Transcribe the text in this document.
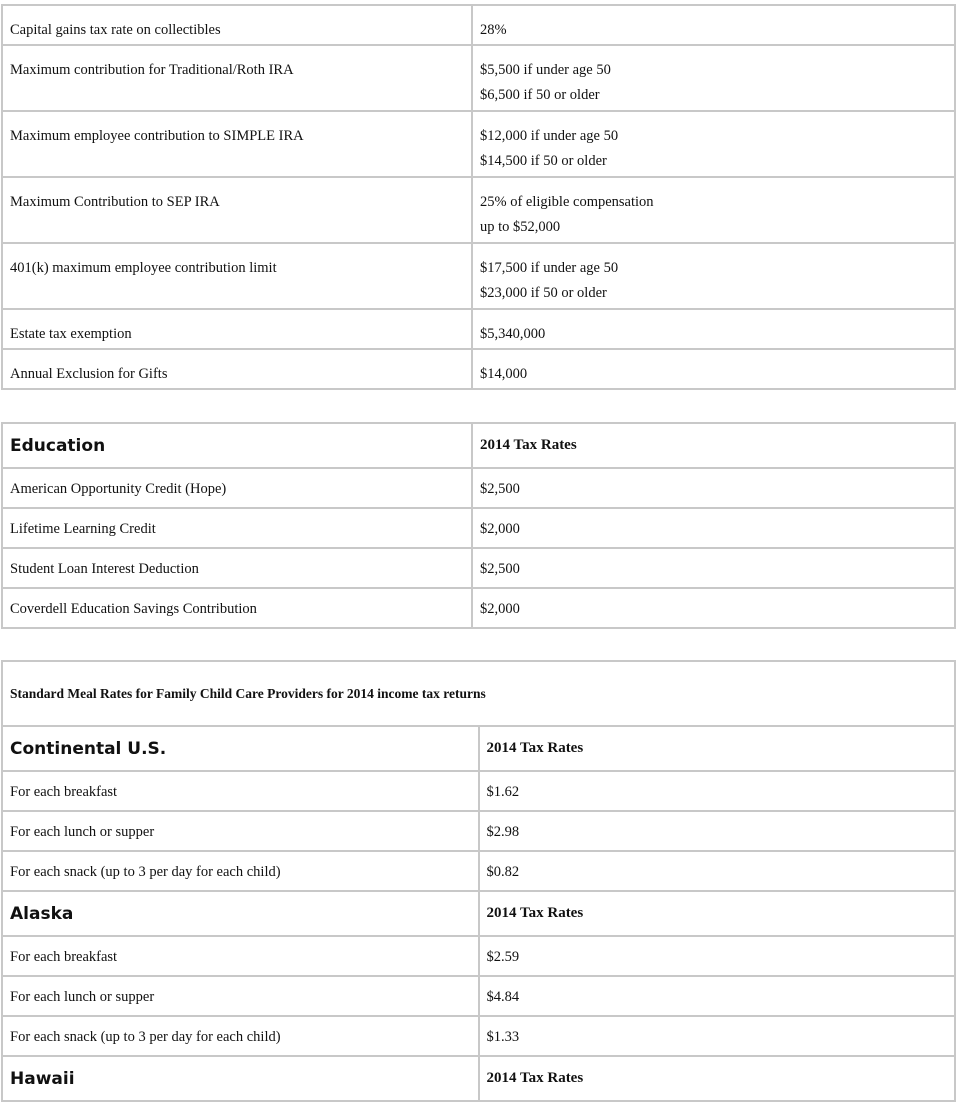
Capital gains tax rate on collectibles	28%

Maximum contribution for Traditional/Roth IRA	$5,500 if under age 50
$6,500 if 50 or older

Maximum employee contribution to SIMPLE IRA	$12,000 if under age 50
$14,500 if 50 or older

Maximum Contribution to SEP IRA	25% of eligible compensation
up to $52,000

401(k) maximum employee contribution limit	$17,500 if under age 50
$23,000 if 50 or older

Estate tax exemption	$5,340,000

Annual Exclusion for Gifts	$14,000
Education	2014 Tax Rates
American Opportunity Credit (Hope)	$2,500
Lifetime Learning Credit	$2,000
Student Loan Interest Deduction	$2,500
Coverdell Education Savings Contribution	$2,000
Standard Meal Rates for Family Child Care Providers for 2014 income tax returns	
Continental U.S.	2014 Tax Rates
For each breakfast	$1.62
For each lunch or supper	$2.98
For each snack (up to 3 per day for each child)	$0.82
Alaska	2014 Tax Rates
For each breakfast	$2.59
For each lunch or supper	$4.84
For each snack (up to 3 per day for each child)	$1.33
Hawaii	2014 Tax Rates
